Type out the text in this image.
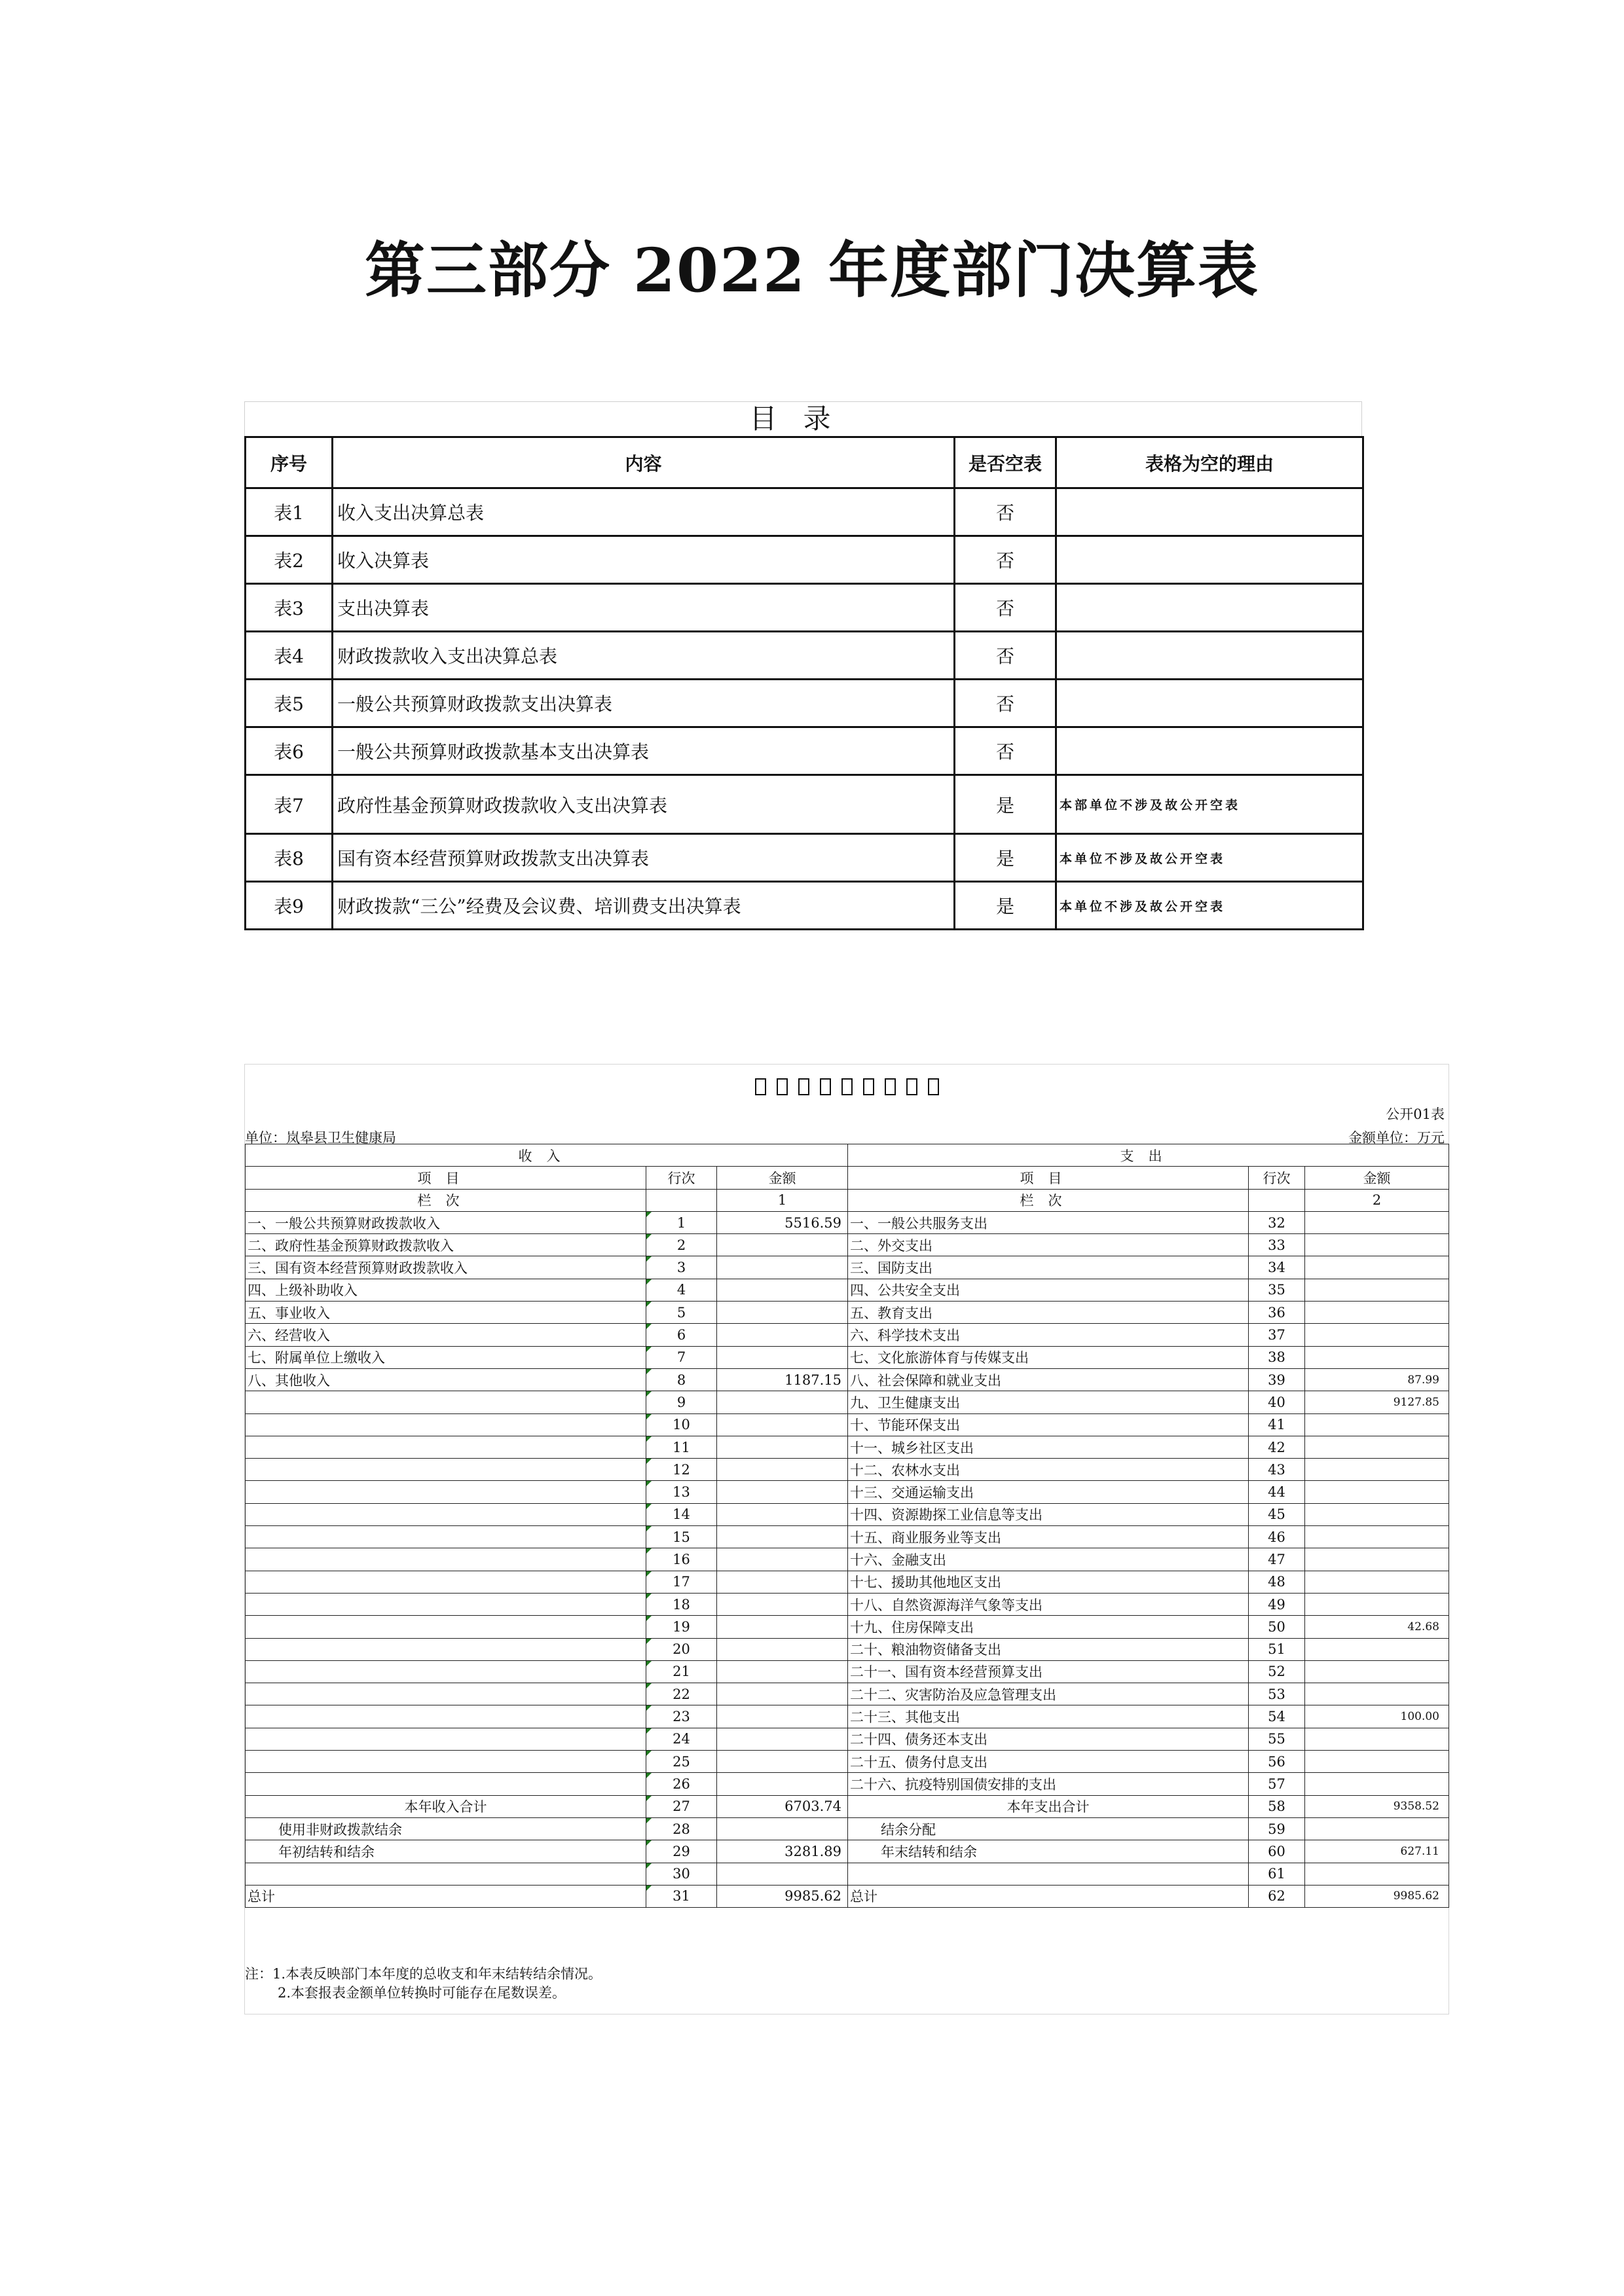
第三部分 2022 年度部门决算表
目录
序号	内容	是否空表	表格为空的理由
表1	收入支出决算总表	否	
表2	收入决算表	否	
表3	支出决算表	否	
表4	财政拨款收入支出决算总表	否	
表5	一般公共预算财政拨款支出决算表	否	
表6	一般公共预算财政拨款基本支出决算表	否	
表7	政府性基金预算财政拨款收入支出决算表	是	本部单位不涉及故公开空表
表8	国有资本经营预算财政拨款支出决算表	是	本单位不涉及故公开空表
表9	财政拨款“三公”经费及会议费、培训费支出决算表	是	本单位不涉及故公开空表
公开01表
单位：岚皋县卫生健康局	金额单位：万元
收入			支出		
项目	行次	金额	项目	行次	金额
栏次		1	栏次		2
一、一般公共预算财政拨款收入	1	5516.59	一、一般公共服务支出	32	
二、政府性基金预算财政拨款收入	2		二、外交支出	33	
三、国有资本经营预算财政拨款收入	3		三、国防支出	34	
四、上级补助收入	4		四、公共安全支出	35	
五、事业收入	5		五、教育支出	36	
六、经营收入	6		六、科学技术支出	37	
七、附属单位上缴收入	7		七、文化旅游体育与传媒支出	38	
八、其他收入	8	1187.15	八、社会保障和就业支出	39	87.99
	9		九、卫生健康支出	40	9127.85
	10		十、节能环保支出	41	
	11		十一、城乡社区支出	42	
	12		十二、农林水支出	43	
	13		十三、交通运输支出	44	
	14		十四、资源勘探工业信息等支出	45	
	15		十五、商业服务业等支出	46	
	16		十六、金融支出	47	
	17		十七、援助其他地区支出	48	
	18		十八、自然资源海洋气象等支出	49	
	19		十九、住房保障支出	50	42.68
	20		二十、粮油物资储备支出	51	
	21		二十一、国有资本经营预算支出	52	
	22		二十二、灾害防治及应急管理支出	53	
	23		二十三、其他支出	54	100.00
	24		二十四、债务还本支出	55	
	25		二十五、债务付息支出	56	
	26		二十六、抗疫特别国债安排的支出	57	
本年收入合计	27	6703.74	本年支出合计	58	9358.52
使用非财政拨款结余	28		结余分配	59	
年初结转和结余	29	3281.89	年末结转和结余	60	627.11
	30			61	
总计	31	9985.62	总计	62	9985.62
注：1.本表反映部门本年度的总收支和年末结转结余情况。
2.本套报表金额单位转换时可能存在尾数误差。
